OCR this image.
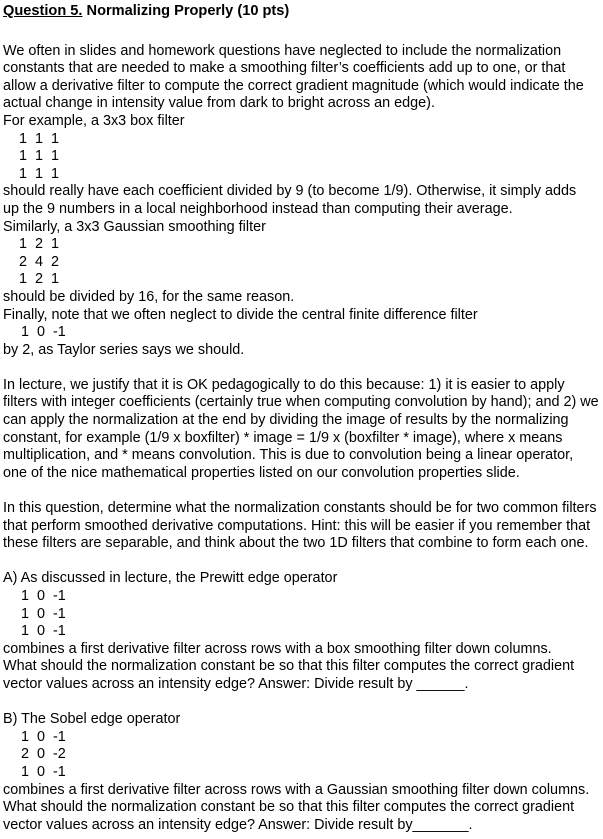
Question 5. Normalizing Properly (10 pts)

We often in slides and homework questions have neglected to include the normalization

constants that are needed to make a smoothing filter’s coefficients add up to one, or that

allow a derivative filter to compute the correct gradient magnitude (which would indicate the

actual change in intensity value from dark to bright across an edge).

For example, a 3x3 box filter

1  1  1
1  1  1
1  1  1

should really have each coefficient divided by 9 (to become 1/9). Otherwise, it simply adds

up the 9 numbers in a local neighborhood instead than computing their average.

Similarly, a 3x3 Gaussian smoothing filter

1  2  1
2  4  2
1  2  1

should be divided by 16, for the same reason.

Finally, note that we often neglect to divide the central finite difference filter

1  0  -1

by 2, as Taylor series says we should.

In lecture, we justify that it is OK pedagogically to do this because: 1) it is easier to apply

filters with integer coefficients (certainly true when computing convolution by hand); and 2) we

can apply the normalization at the end by dividing the image of results by the normalizing

constant, for example (1/9 x boxfilter) * image = 1/9 x (boxfilter * image), where x means

multiplication, and * means convolution. This is due to convolution being a linear operator,

one of the nice mathematical properties listed on our convolution properties slide.

In this question, determine what the normalization constants should be for two common filters

that perform smoothed derivative computations. Hint: this will be easier if you remember that

these filters are separable, and think about the two 1D filters that combine to form each one.

A) As discussed in lecture, the Prewitt edge operator

1  0  -1
1  0  -1
1  0  -1

combines a first derivative filter across rows with a box smoothing filter down columns.

What should the normalization constant be so that this filter computes the correct gradient

vector values across an intensity edge? Answer: Divide result by ______.

B) The Sobel edge operator

1  0  -1
2  0  -2
1  0  -1

combines a first derivative filter across rows with a Gaussian smoothing filter down columns.

What should the normalization constant be so that this filter computes the correct gradient

vector values across an intensity edge? Answer: Divide result by_______.
